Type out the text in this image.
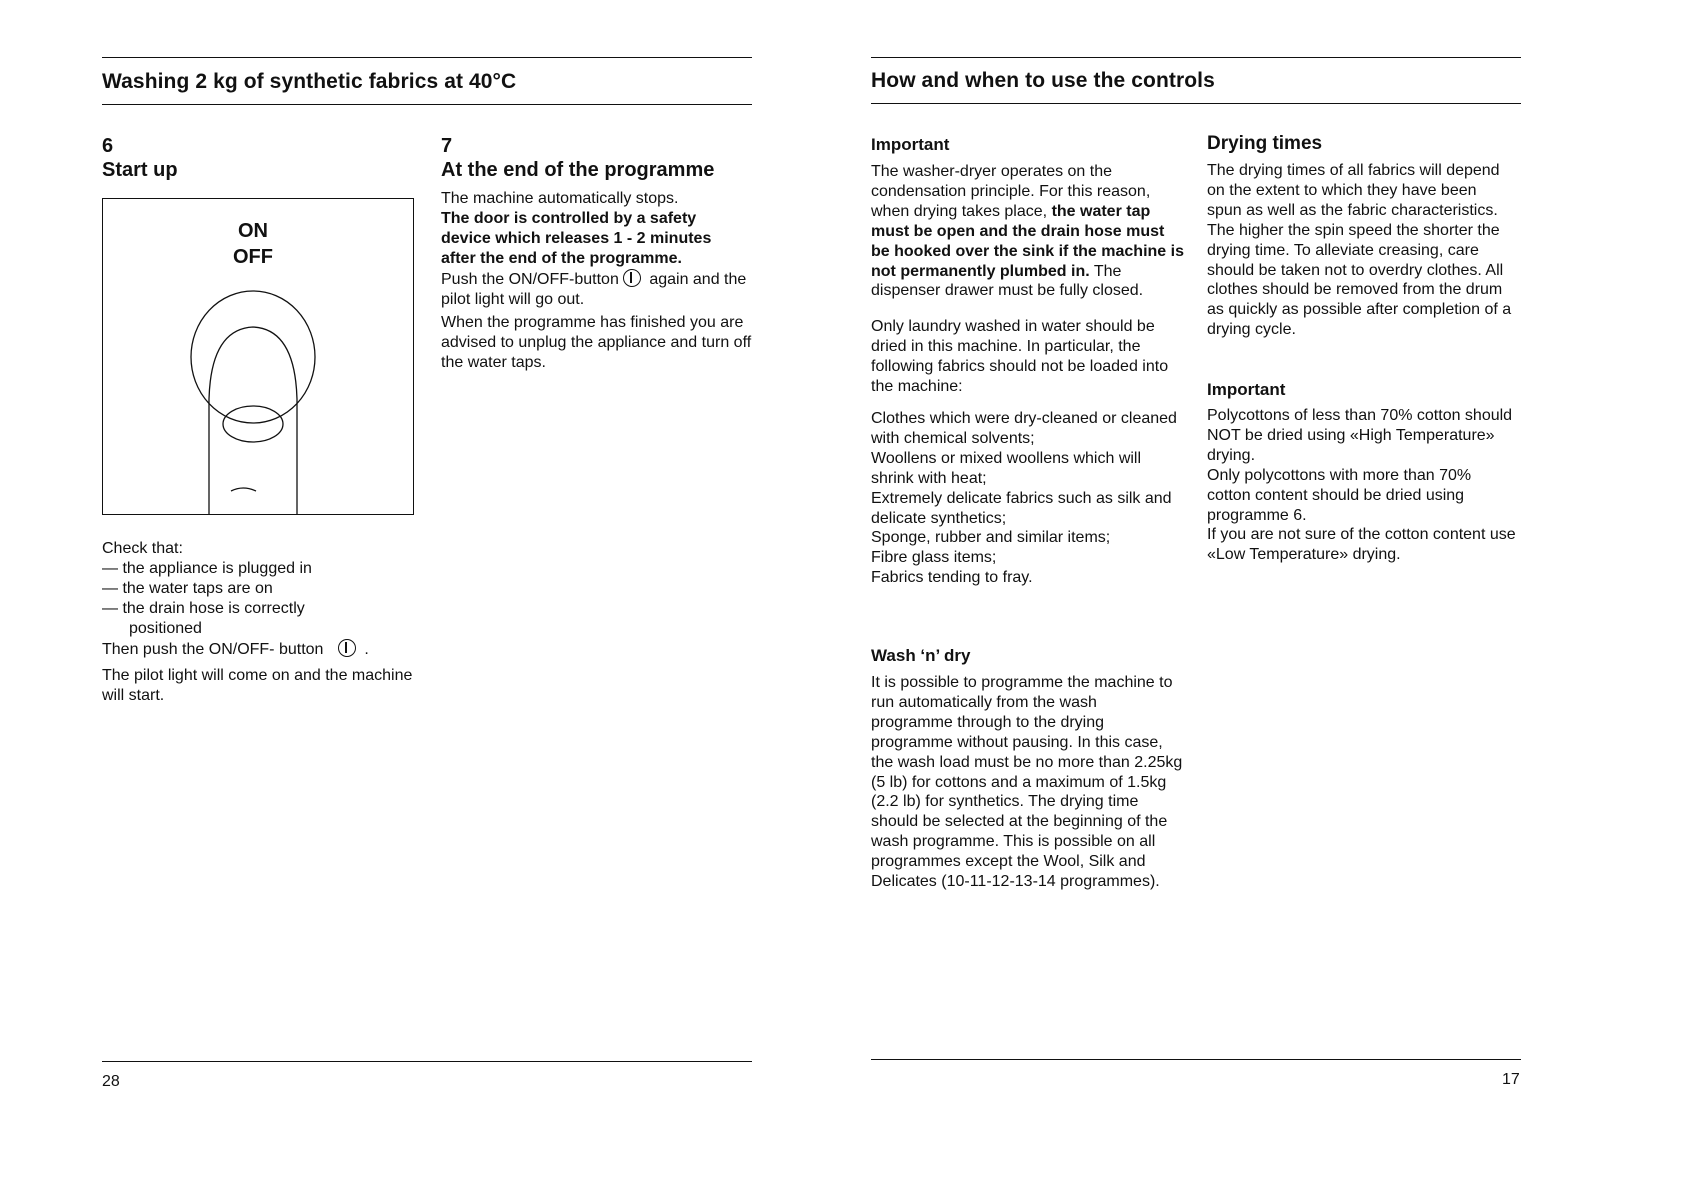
Washing 2 kg of synthetic fabrics at 40°C
6
Start up
ON
OFF
Check that:
— the appliance is plugged in
— the water taps are on
— the drain hose is correctly positioned
Then push the ON/OFF- button	.
The pilot light will come on and the machine will start.
7
At the end of the programme
The machine automatically stops.
The door is controlled by a safety device which releases 1 - 2 minutes after the end of the programme.
Push the ON/OFF-button again and the pilot light will go out.
When the programme has finished you are advised to unplug the appliance and turn off the water taps.
28
How and when to use the controls
Important
The washer-dryer operates on the condensation principle. For this reason, when drying takes place, the water tap must be open and the drain hose must be hooked over the sink if the machine is not permanently plumbed in. The dispenser drawer must be fully closed.
Only laundry washed in water should be dried in this machine. In particular, the following fabrics should not be loaded into the machine:
Clothes which were dry-cleaned or cleaned with chemical solvents;
Woollens or mixed woollens which will shrink with heat;
Extremely delicate fabrics such as silk and delicate synthetics;
Sponge, rubber and similar items;
Fibre glass items;
Fabrics tending to fray.
Wash ‘n’ dry
It is possible to programme the machine to run automatically from the wash programme through to the drying programme without pausing. In this case, the wash load must be no more than 2.25kg (5 lb) for cottons and a maximum of 1.5kg (2.2 lb) for synthetics. The drying time should be selected at the beginning of the wash programme. This is possible on all programmes except the Wool, Silk and Delicates (10-11-12-13-14 programmes).
Drying times
The drying times of all fabrics will depend on the extent to which they have been spun as well as the fabric characteristics. The higher the spin speed the shorter the drying time. To alleviate creasing, care should be taken not to overdry clothes. All clothes should be removed from the drum as quickly as possible after completion of a drying cycle.
Important
Polycottons of less than 70% cotton should NOT be dried using «High Temperature» drying.
Only polycottons with more than 70% cotton content should be dried using programme 6.
If you are not sure of the cotton content use «Low Temperature» drying.
17
